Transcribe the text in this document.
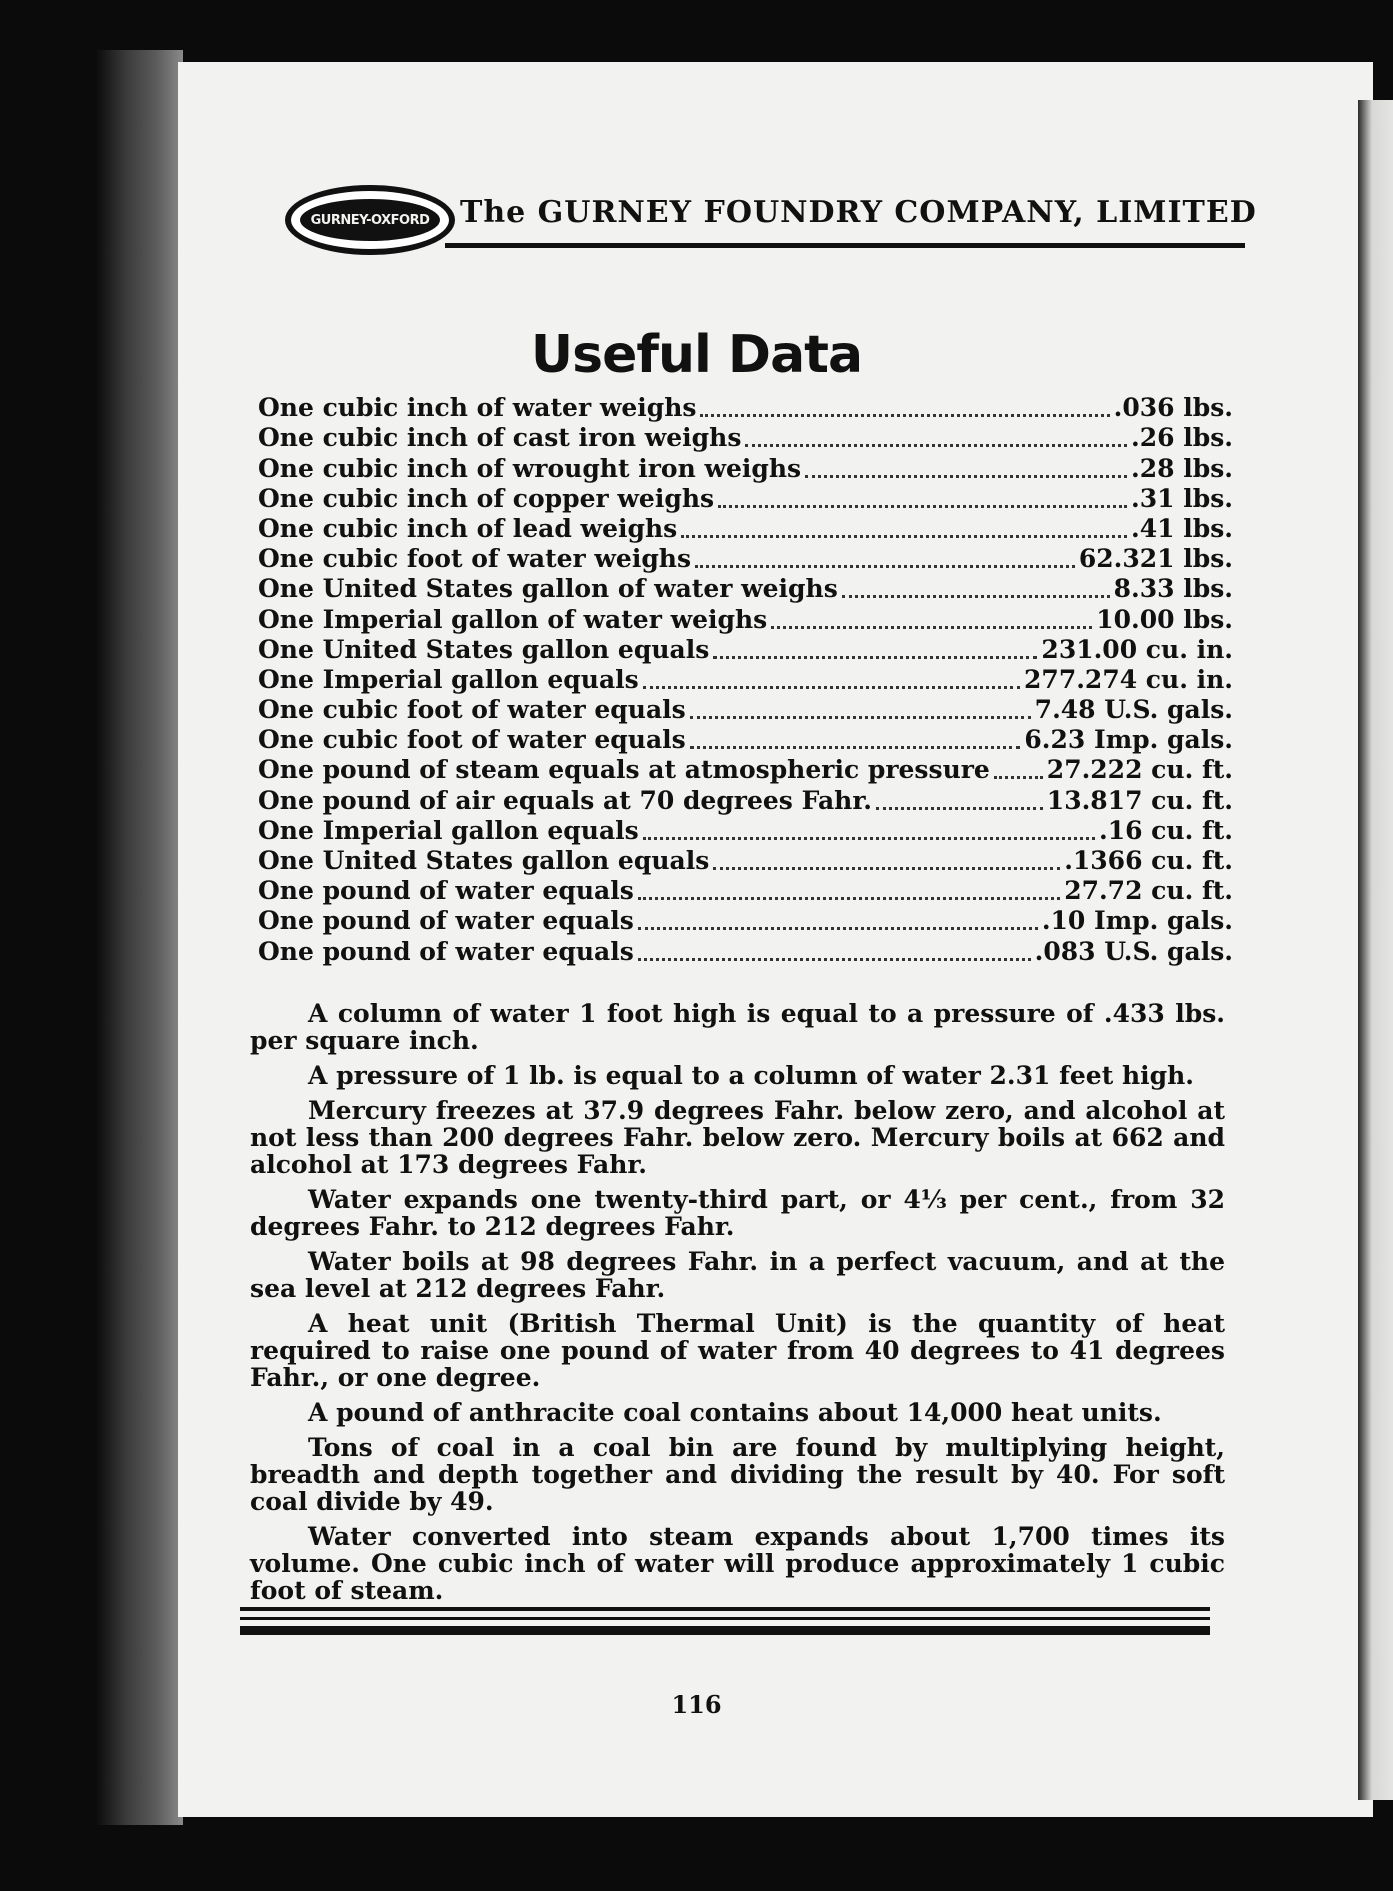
GURNEY-OXFORD	The GURNEY FOUNDRY COMPANY, LIMITED
Useful Data
One cubic inch of water weighs	.036 lbs.
One cubic inch of cast iron weighs	.26 lbs.
One cubic inch of wrought iron weighs	.28 lbs.
One cubic inch of copper weighs	.31 lbs.
One cubic inch of lead weighs	.41 lbs.
One cubic foot of water weighs	62.321 lbs.
One United States gallon of water weighs	8.33 lbs.
One Imperial gallon of water weighs	10.00 lbs.
One United States gallon equals	231.00 cu. in.
One Imperial gallon equals	277.274 cu. in.
One cubic foot of water equals	7.48 U.S. gals.
One cubic foot of water equals	6.23 Imp. gals.
One pound of steam equals at atmospheric pressure 27.222 cu. ft.
One pound of air equals at 70 degrees Fahr.	13.817 cu. ft.
One Imperial gallon equals	.16 cu. ft.
One United States gallon equals	.1366 cu. ft.
One pound of water equals	27.72 cu. ft.
One pound of water equals	.10 Imp. gals.
One pound of water equals	.083 U.S. gals.

A column of water 1 foot high is equal to a pressure of .433 lbs. per square inch.

A pressure of 1 lb. is equal to a column of water 2.31 feet high.

Mercury freezes at 37.9 degrees Fahr. below zero, and alcohol at not less than 200 degrees Fahr. below zero. Mercury boils at 662 and alcohol at 173 degrees Fahr.

Water expands one twenty-third part, or 4⅓ per cent., from 32 degrees Fahr. to 212 degrees Fahr.

Water boils at 98 degrees Fahr. in a perfect vacuum, and at the sea level at 212 degrees Fahr.

A heat unit (British Thermal Unit) is the quantity of heat required to raise one pound of water from 40 degrees to 41 degrees Fahr., or one degree.

A pound of anthracite coal contains about 14,000 heat units.

Tons of coal in a coal bin are found by multiplying height, breadth and depth together and dividing the result by 40. For soft coal divide by 49.

Water converted into steam expands about 1,700 times its volume. One cubic inch of water will produce approximately 1 cubic foot of steam.

116
